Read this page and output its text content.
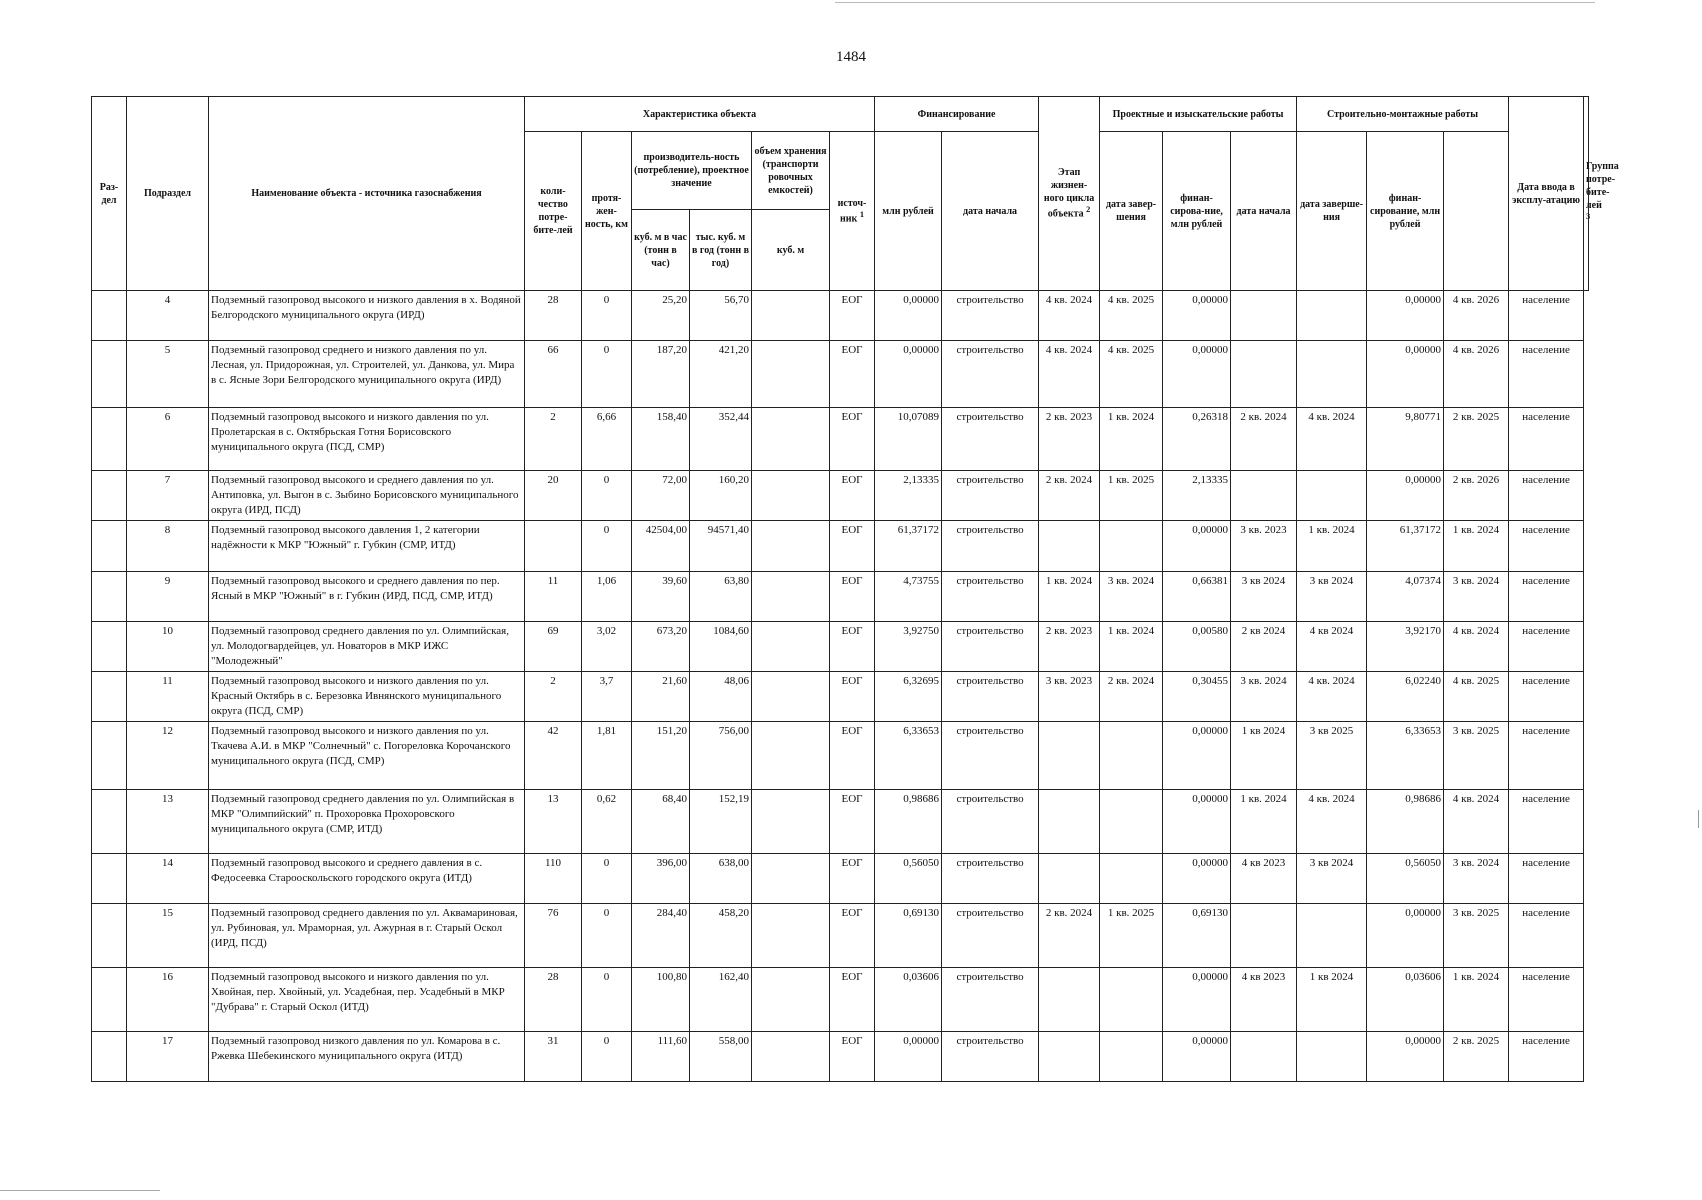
1484
Раз-дел	Подраздел	Наименование объекта - источника газоснабжения	Характеристика объекта						Финансирование		Этап жизнен-ного цикла объекта $^2$	Проектные и изыскательские работы			Строительно-монтажные работы			Дата ввода в эксплу-атацию	Группа потре-бите-лей $^3$
			коли-чество потре-бите-лей	протя-жен-ность, км	производитель-ность (потребление), проектное значение		объем хранения (транспорти ровочных емкостей)	источ-ник $^1$	млн рублей	дата начала		дата завер-шения	финан-сирова-ние, млн рублей	дата начала	дата заверше-ния	финан-сирование, млн рублей			
					куб. м в час (тонн в час)	тыс. куб. м в год (тонн в год)	куб. м												
	4	Подземный газопровод высокого и низкого давления в х. Водяной Белгородского муниципального округа (ИРД)	28	0	25,20	56,70		ЕОГ	0,00000	строительство	4 кв. 2024	4 кв. 2025	0,00000			0,00000	4 кв. 2026	население	
	5	Подземный газопровод среднего и низкого давления по ул. Лесная, ул. Придорожная, ул. Строителей, ул. Данкова, ул. Мира в с. Ясные Зори Белгородского муниципального округа (ИРД)	66	0	187,20	421,20		ЕОГ	0,00000	строительство	4 кв. 2024	4 кв. 2025	0,00000			0,00000	4 кв. 2026	население	
	6	Подземный газопровод высокого и низкого давления по ул. Пролетарская в с. Октябрьская Готня Борисовского муниципального округа (ПСД, СМР)	2	6,66	158,40	352,44		ЕОГ	10,07089	строительство	2 кв. 2023	1 кв. 2024	0,26318	2 кв. 2024	4 кв. 2024	9,80771	2 кв. 2025	население	
	7	Подземный газопровод высокого и среднего давления по ул. Антиповка, ул. Выгон в с. Зыбино Борисовского муниципального округа (ИРД, ПСД)	20	0	72,00	160,20		ЕОГ	2,13335	строительство	2 кв. 2024	1 кв. 2025	2,13335			0,00000	2 кв. 2026	население	
	8	Подземный газопровод высокого давления 1, 2 категории надёжности к МКР "Южный" г. Губкин (СМР, ИТД)		0	42504,00	94571,40		ЕОГ	61,37172	строительство			0,00000	3 кв. 2023	1 кв. 2024	61,37172	1 кв. 2024	население	
	9	Подземный газопровод высокого и среднего давления по пер. Ясный в МКР "Южный" в г. Губкин (ИРД, ПСД, СМР, ИТД)	11	1,06	39,60	63,80		ЕОГ	4,73755	строительство	1 кв. 2024	3 кв. 2024	0,66381	3 кв 2024	3 кв 2024	4,07374	3 кв. 2024	население	
	10	Подземный газопровод среднего давления по ул. Олимпийская, ул. Молодогвардейцев, ул. Новаторов в МКР ИЖС "Молодежный"	69	3,02	673,20	1084,60		ЕОГ	3,92750	строительство	2 кв. 2023	1 кв. 2024	0,00580	2 кв 2024	4 кв 2024	3,92170	4 кв. 2024	население	
	11	Подземный газопровод высокого и низкого давления по ул. Красный Октябрь в с. Березовка Ивнянского муниципального округа (ПСД, СМР)	2	3,7	21,60	48,06		ЕОГ	6,32695	строительство	3 кв. 2023	2 кв. 2024	0,30455	3 кв. 2024	4 кв. 2024	6,02240	4 кв. 2025	население	
	12	Подземный газопровод высокого и низкого давления по ул. Ткачева А.И. в МКР "Солнечный" с. Погореловка Корочанского муниципального округа (ПСД, СМР)	42	1,81	151,20	756,00		ЕОГ	6,33653	строительство			0,00000	1 кв 2024	3 кв 2025	6,33653	3 кв. 2025	население	
	13	Подземный газопровод среднего давления по ул. Олимпийская в МКР "Олимпийский" п. Прохоровка Прохоровского муниципального округа (СМР, ИТД)	13	0,62	68,40	152,19		ЕОГ	0,98686	строительство			0,00000	1 кв. 2024	4 кв. 2024	0,98686	4 кв. 2024	население	
	14	Подземный газопровод высокого и среднего давления в с. Федосеевка Старооскольского городского округа (ИТД)	110	0	396,00	638,00		ЕОГ	0,56050	строительство			0,00000	4 кв 2023	3 кв 2024	0,56050	3 кв. 2024	население	
	15	Подземный газопровод среднего давления по ул. Аквамариновая, ул. Рубиновая, ул. Мраморная, ул. Ажурная в г. Старый Оскол (ИРД, ПСД)	76	0	284,40	458,20		ЕОГ	0,69130	строительство	2 кв. 2024	1 кв. 2025	0,69130			0,00000	3 кв. 2025	население	
	16	Подземный газопровод высокого и низкого давления по ул. Хвойная, пер. Хвойный, ул. Усадебная, пер. Усадебный в МКР "Дубрава" г. Старый Оскол (ИТД)	28	0	100,80	162,40		ЕОГ	0,03606	строительство			0,00000	4 кв 2023	1 кв 2024	0,03606	1 кв. 2024	население	
	17	Подземный газопровод низкого давления по ул. Комарова в с. Ржевка Шебекинского муниципального округа (ИТД)	31	0	111,60	558,00		ЕОГ	0,00000	строительство			0,00000			0,00000	2 кв. 2025	население	
